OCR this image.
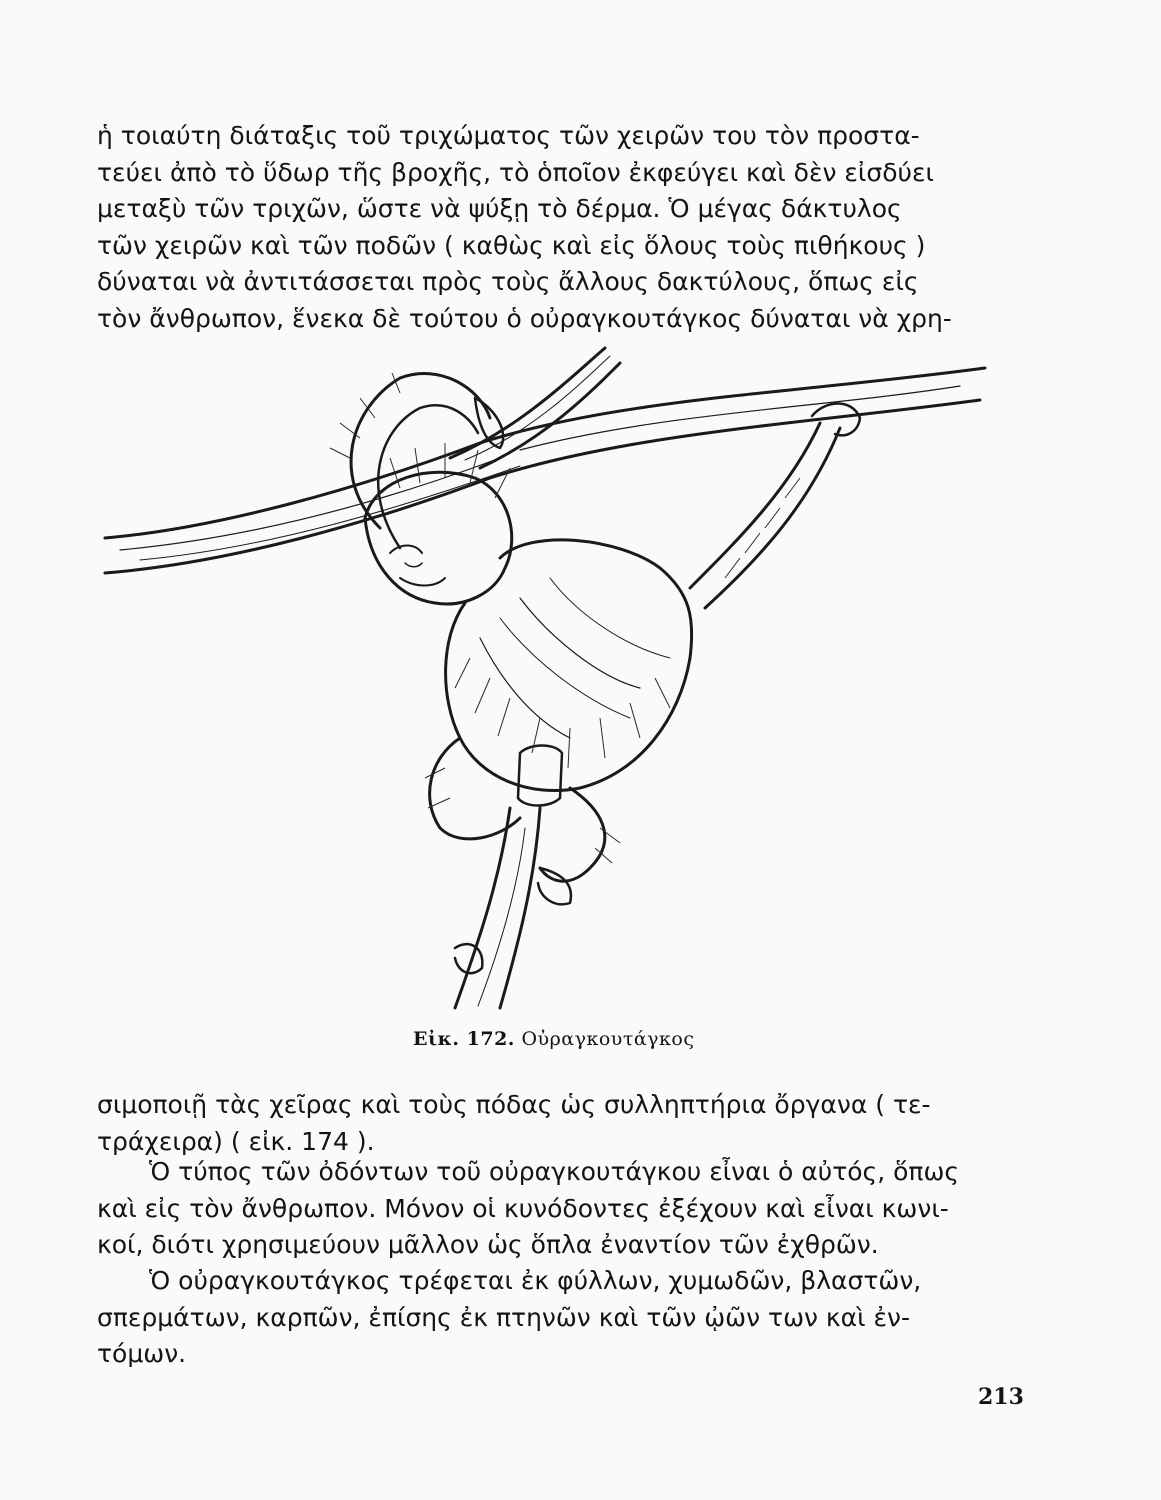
ἡ τοιαύτη διάταξις τοῦ τριχώματος τῶν χειρῶν του τὸν προστα-
τεύει ἀπὸ τὸ ὕδωρ τῆς βροχῆς, τὸ ὁποῖον ἐκφεύγει καὶ δὲν εἰσδύει
μεταξὺ τῶν τριχῶν, ὥστε νὰ ψύξῃ τὸ δέρμα. Ὁ μέγας δάκτυλος
τῶν χειρῶν καὶ τῶν ποδῶν ( καθὼς καὶ εἰς ὅλους τοὺς πιθήκους )
δύναται νὰ ἀντιτάσσεται πρὸς τοὺς ἄλλους δακτύλους, ὅπως εἰς
τὸν ἄνθρωπον, ἕνεκα δὲ τούτου ὁ οὐραγκουτάγκος δύναται νὰ χρη-

Εἰκ. 172. Οὐραγκουτάγκος

σιμοποιῇ τὰς χεῖρας καὶ τοὺς πόδας ὡς συλληπτήρια ὄργανα ( τε-
τράχειρα) ( εἰκ. 174 ).

Ὁ τύπος τῶν ὀδόντων τοῦ οὐραγκουτάγκου εἶναι ὁ αὐτός, ὅπως
καὶ εἰς τὸν ἄνθρωπον. Μόνον οἱ κυνόδοντες ἐξέχουν καὶ εἶναι κωνι-
κοί, διότι χρησιμεύουν μᾶλλον ὡς ὅπλα ἐναντίον τῶν ἐχθρῶν.

Ὁ οὐραγκουτάγκος τρέφεται ἐκ φύλλων, χυμωδῶν, βλαστῶν,
σπερμάτων, καρπῶν, ἐπίσης ἐκ πτηνῶν καὶ τῶν ᾠῶν των καὶ ἐν-
τόμων.

213
